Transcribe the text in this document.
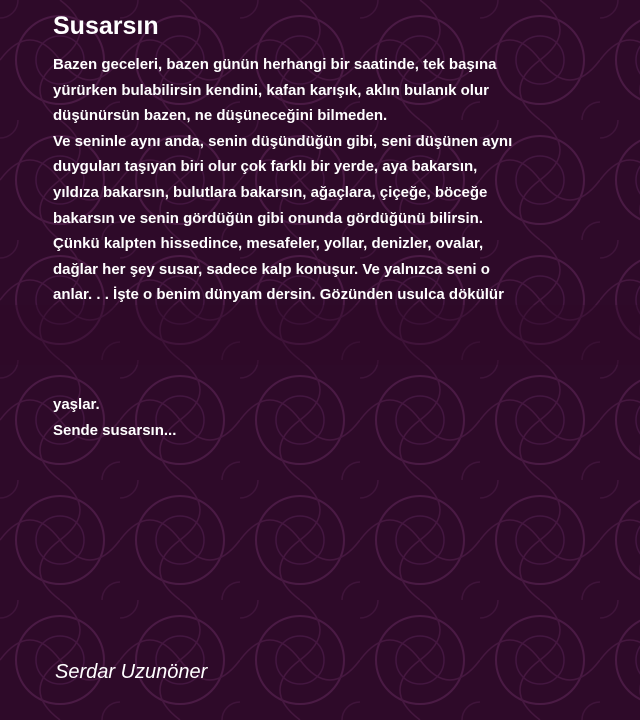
Susarsın
Bazen geceleri, bazen günün herhangi bir saatinde, tek başına
yürürken bulabilirsin kendini, kafan karışık, aklın bulanık olur
düşünürsün bazen, ne düşüneceğini bilmeden.
Ve seninle aynı anda, senin düşündüğün gibi, seni düşünen aynı
duyguları taşıyan biri olur çok farklı bir yerde, aya bakarsın,
yıldıza bakarsın, bulutlara bakarsın, ağaçlara, çiçeğe, böceğe
bakarsın ve senin gördüğün gibi onunda gördüğünü bilirsin.
Çünkü kalpten hissedince, mesafeler, yollar, denizler, ovalar,
dağlar her şey susar, sadece kalp konuşur. Ve yalnızca seni o
anlar. . . İşte o benim dünyam dersin. Gözünden usulca dökülür
yaşlar.
Sende susarsın...
Serdar Uzunöner
